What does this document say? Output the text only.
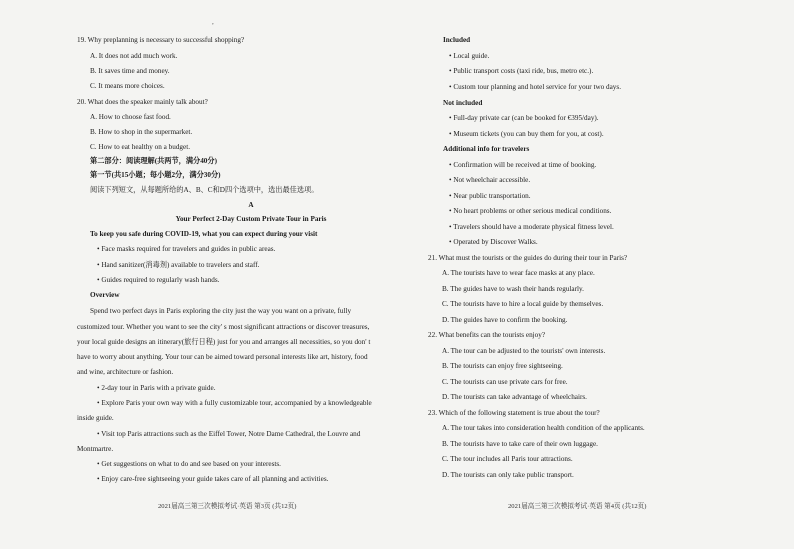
,
19. Why preplanning is necessary to successful shopping?
A. It does not add much work.
B. It saves time and money.
C. It means more choices.
20. What does the speaker mainly talk about?
A. How to choose fast food.
B. How to shop in the supermarket.
C. How to eat healthy on a budget.
第二部分：阅读理解(共两节，满分40分)
第一节(共15小题；每小题2分，满分30分)
阅读下列短文，从每题所给的A、B、C和D四个选项中，选出最佳选项。
A
Your Perfect 2-Day Custom Private Tour in Paris
To keep you safe during COVID-19, what you can expect during your visit
• Face masks required for travelers and guides in public areas.
• Hand sanitizer(消毒剂) available to travelers and staff.
• Guides required to regularly wash hands.
Overview
Spend two perfect days in Paris exploring the city just the way you want on a private, fully
customized tour. Whether you want to see the city' s most significant attractions or discover treasures,
your local guide designs an itinerary(旅行日程) just for you and arranges all necessities, so you don' t
have to worry about anything. Your tour can be aimed toward personal interests like art, history, food
and wine, architecture or fashion.
• 2-day tour in Paris with a private guide.
• Explore Paris your own way with a fully customizable tour, accompanied by a knowledgeable
inside guide.
• Visit top Paris attractions such as the Eiffel Tower, Notre Dame Cathedral, the Louvre and
Montmartre.
• Get suggestions on what to do and see based on your interests.
• Enjoy care-free sightseeing your guide takes care of all planning and activities.
2021届高三第三次模拟考试·英语 第3页 (共12页)
Included
• Local guide.
• Public transport costs (taxi ride, bus, metro etc.).
• Custom tour planning and hotel service for your two days.
Not included
• Full-day private car (can be booked for €395/day).
• Museum tickets (you can buy them for you, at cost).
Additional info for travelers
• Confirmation will be received at time of booking.
• Not wheelchair accessible.
• Near public transportation.
• No heart problems or other serious medical conditions.
• Travelers should have a moderate physical fitness level.
• Operated by Discover Walks.
21. What must the tourists or the guides do during their tour in Paris?
A. The tourists have to wear face masks at any place.
B. The guides have to wash their hands regularly.
C. The tourists have to hire a local guide by themselves.
D. The guides have to confirm the booking.
22. What benefits can the tourists enjoy?
A. The tour can be adjusted to the tourists' own interests.
B. The tourists can enjoy free sightseeing.
C. The tourists can use private cars for free.
D. The tourists can take advantage of wheelchairs.
23. Which of the following statement is true about the tour?
A. The tour takes into consideration health condition of the applicants.
B. The tourists have to take care of their own luggage.
C. The tour includes all Paris tour attractions.
D. The tourists can only take public transport.
2021届高三第三次模拟考试·英语 第4页 (共12页)
